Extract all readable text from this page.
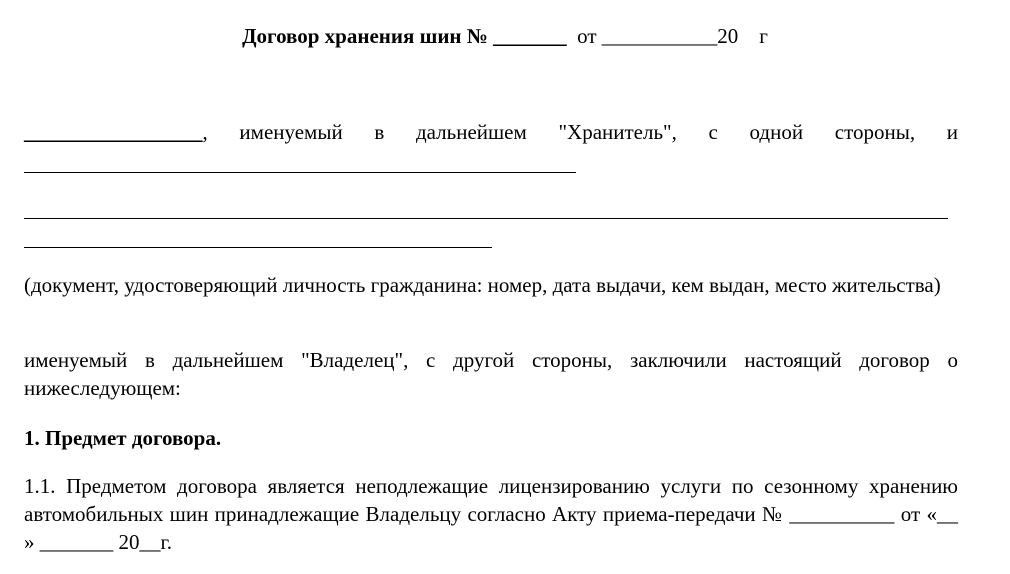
Договор хранения шин № _______  от ___________20    г
_________________, именуемый в дальнейшем "Хранитель", с одной стороны, и
(документ, удостоверяющий личность гражданина: номер, дата выдачи, кем выдан, место жительства)
именуемый в дальнейшем "Владелец", с другой стороны, заключили настоящий договор о нижеследующем:
1. Предмет договора.
1.1. Предметом договора является неподлежащие лицензированию услуги по сезонному хранению автомобильных шин принадлежащие Владельцу согласно Акту приема-передачи № __________ от «__ » _______ 20__г.
